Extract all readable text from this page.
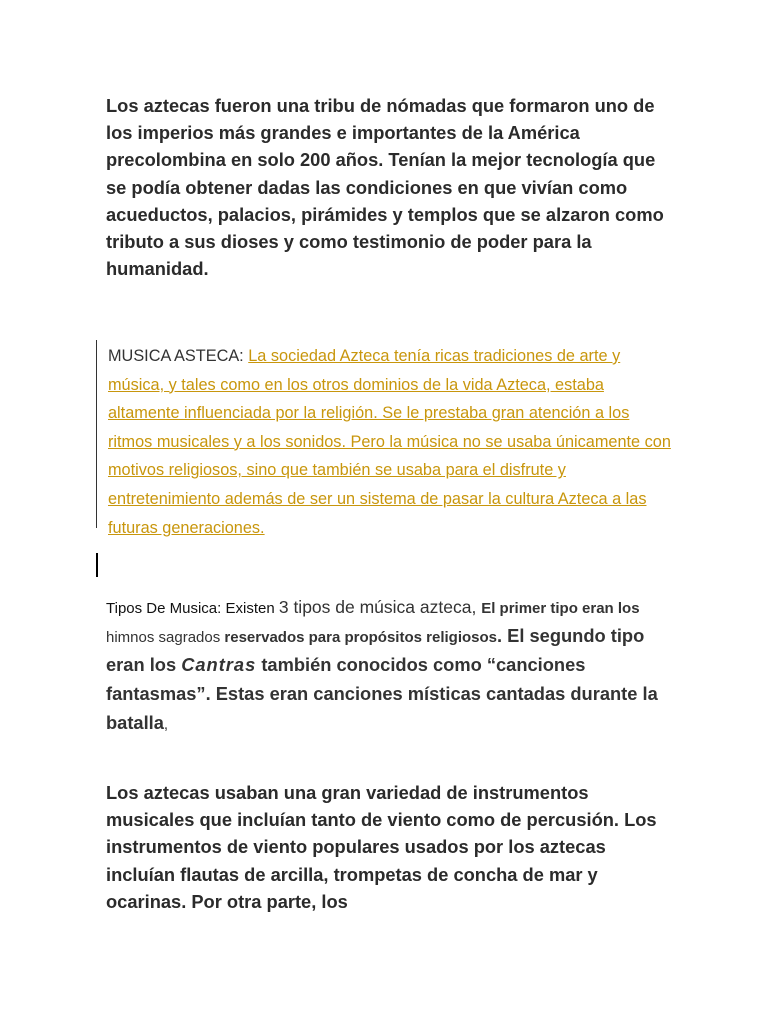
Los aztecas fueron una tribu de nómadas que formaron uno de los imperios más grandes e importantes de la América precolombina en solo 200 años. Tenían la mejor tecnología que se podía obtener dadas las condiciones en que vivían como acueductos, palacios, pirámides y templos que se alzaron como tributo a sus dioses y como testimonio de poder para la humanidad.

MUSICA ASTECA: La sociedad Azteca tenía ricas tradiciones de arte y música, y tales como en los otros dominios de la vida Azteca, estaba altamente influenciada por la religión. Se le prestaba gran atención a los ritmos musicales y a los sonidos. Pero la música no se usaba únicamente con motivos religiosos, sino que también se usaba para el disfrute y entretenimiento además de ser un sistema de pasar la cultura Azteca a las futuras generaciones.

Tipos De Musica: Existen 3 tipos de música azteca, El primer tipo eran los himnos sagrados reservados para propósitos religiosos. El segundo tipo eran los Cantras también conocidos como “canciones fantasmas”. Estas eran canciones místicas cantadas durante la batalla,

Los aztecas usaban una gran variedad de instrumentos musicales que incluían tanto de viento como de percusión. Los instrumentos de viento populares usados por los aztecas incluían flautas de arcilla, trompetas de concha de mar y ocarinas. Por otra parte, los
